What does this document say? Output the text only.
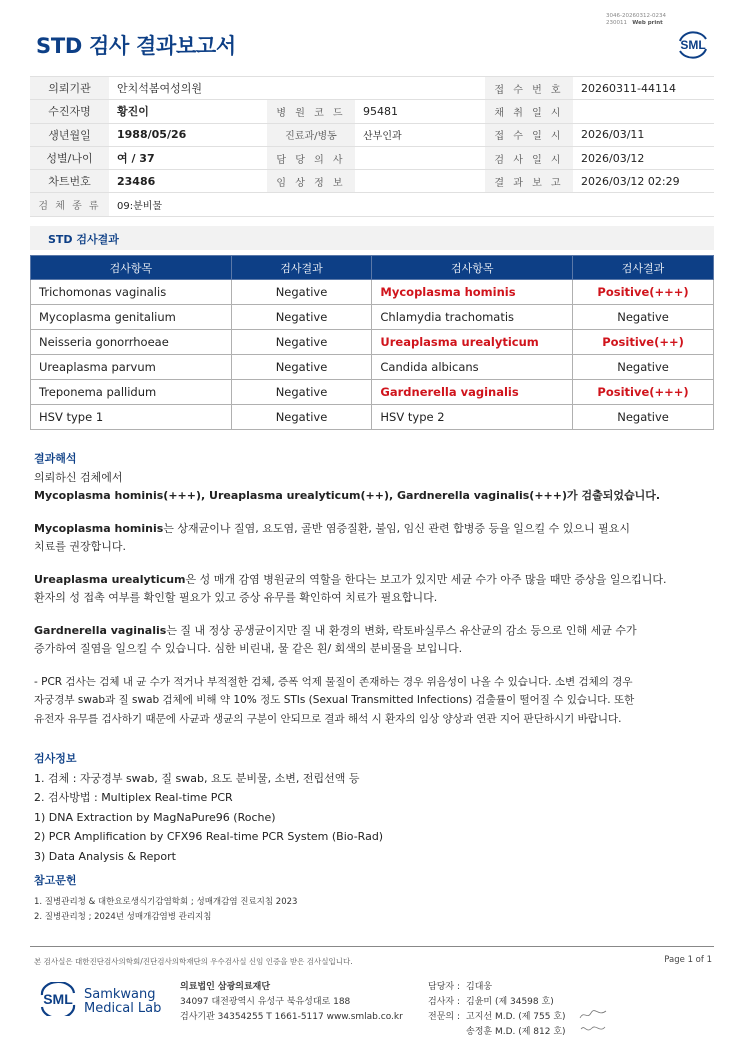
STD 검사 결과보고서
3046-20260312-0234
230011 Web print
SML
의뢰기관	안치석봄여성의원			접 수 번 호	20260311-44114
수진자명	황진이	병 원 코 드	95481	채 취 일 시	
생년월일	1988/05/26	진료과/병동	산부인과	접 수 일 시	2026/03/11
성별/나이	여 / 37	담 당 의 사		검 사 일 시	2026/03/12
차트번호	23486	임 상 정 보		결 과 보 고	2026/03/12 02:29
검 체 종 류	09:분비물				
STD 검사결과
검사항목	검사결과	검사항목	검사결과
Trichomonas vaginalis	Negative	Mycoplasma hominis	Positive(+++)
Mycoplasma genitalium	Negative	Chlamydia trachomatis	Negative
Neisseria gonorrhoeae	Negative	Ureaplasma urealyticum	Positive(++)
Ureaplasma parvum	Negative	Candida albicans	Negative
Treponema pallidum	Negative	Gardnerella vaginalis	Positive(+++)
HSV type 1	Negative	HSV type 2	Negative
결과해석
의뢰하신 검체에서
Mycoplasma hominis(+++), Ureaplasma urealyticum(++), Gardnerella vaginalis(+++)가 검출되었습니다.
Mycoplasma hominis는 상재균이나 질염, 요도염, 골반 염증질환, 불임, 임신 관련 합병증 등을 일으킬 수 있으니 필요시
치료를 권장합니다.
Ureaplasma urealyticum은 성 매개 감염 병원균의 역할을 한다는 보고가 있지만 세균 수가 아주 많을 때만 증상을 일으킵니다.
환자의 성 접촉 여부를 확인할 필요가 있고 증상 유무를 확인하여 치료가 필요합니다.
Gardnerella vaginalis는 질 내 정상 공생균이지만 질 내 환경의 변화, 락토바실루스 유산균의 감소 등으로 인해 세균 수가
증가하여 질염을 일으킬 수 있습니다. 심한 비린내, 물 같은 흰/ 회색의 분비물을 보입니다.
- PCR 검사는 검체 내 균 수가 적거나 부적절한 검체, 증폭 억제 물질이 존재하는 경우 위음성이 나올 수 있습니다. 소변 검체의 경우
자궁경부 swab과 질 swab 검체에 비해 약 10% 정도 STIs (Sexual Transmitted Infections) 검출률이 떨어질 수 있습니다. 또한
유전자 유무를 검사하기 때문에 사균과 생균의 구분이 안되므로 결과 해석 시 환자의 임상 양상과 연관 지어 판단하시기 바랍니다.
검사정보
1. 검체 : 자궁경부 swab, 질 swab, 요도 분비물, 소변, 전립선액 등
2. 검사방법 : Multiplex Real-time PCR
1) DNA Extraction by MagNaPure96 (Roche)
2) PCR Amplification by CFX96 Real-time PCR System (Bio-Rad)
3) Data Analysis & Report
참고문헌
1. 질병관리청 & 대한요로생식기감염학회 ; 성매개감염 진료지침 2023
2. 질병관리청 ; 2024년 성매개감염병 관리지침
본 검사실은 대한진단검사의학회/진단검사의학재단의 우수검사실 신임 인증을 받은 검사실입니다.	Page 1 of 1
SML Samkwang
Medical Lab
의료법인 삼광의료재단
34097 대전광역시 유성구 북유성대로 188
검사기관 34354255 T 1661-5117 www.smlab.co.kr
담당자 : 김대웅
검사자 : 김윤미 (제 34598 호)
전문의 : 고지선 M.D. (제 755 호)
송정훈 M.D. (제 812 호)
